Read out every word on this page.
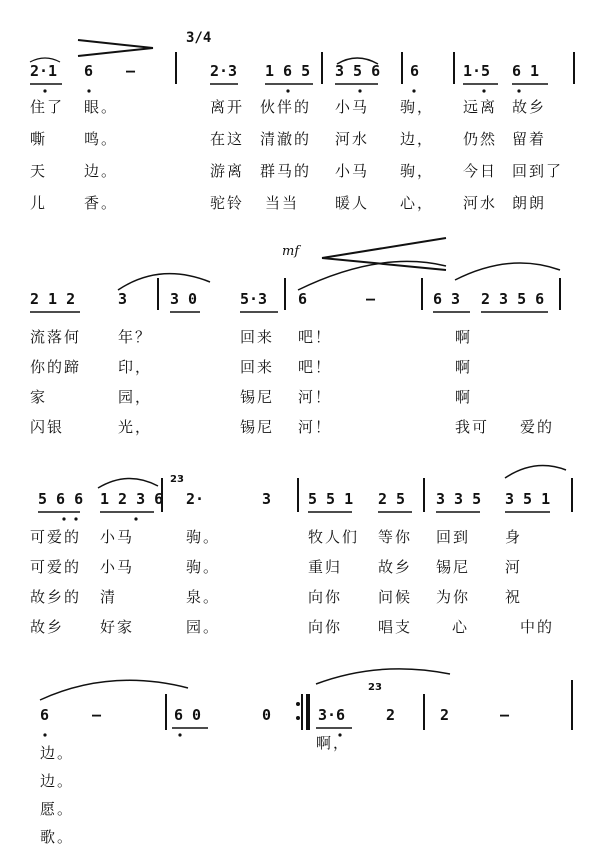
3/4
2·1 6 —	2·3 1 6 5 3 5 6 6	1·5 6 1
住了 眼。	离开 伙伴的 小马 驹， 远离 故乡
嘶 鸣。	在这 清澈的 河水 边， 仍然 留着
天 边。	游离 群马的 小马 驹， 今日 回到了
儿 香。	驼铃 当当 暖人 心， 河水 朗朗
mf
2 1 2	3	3 0	5·3 6	—	6 3 2 3 5 6
流落何 年？	回来 吧！	啊
你的蹄 印，	回来 吧！	啊
家	园，	锡尼 河！	啊
闪银	光，	锡尼 河！	我可 爱的
23
5 6 6 1 2 3 6 2·	3 5 5 1 2 5 3 3 5 3 5 1
可爱的 小马	驹。	牧人们 等你 回到 身
可爱的 小马	驹。	重归 故乡 锡尼 河
故乡的 清	泉。	向你 问候 为你 祝
故乡 好家	园。	向你 唱支	心	中的
23
6	—	6 0	0	3·6	2	2	—
边。
啊，
边。
愿。
歌。
